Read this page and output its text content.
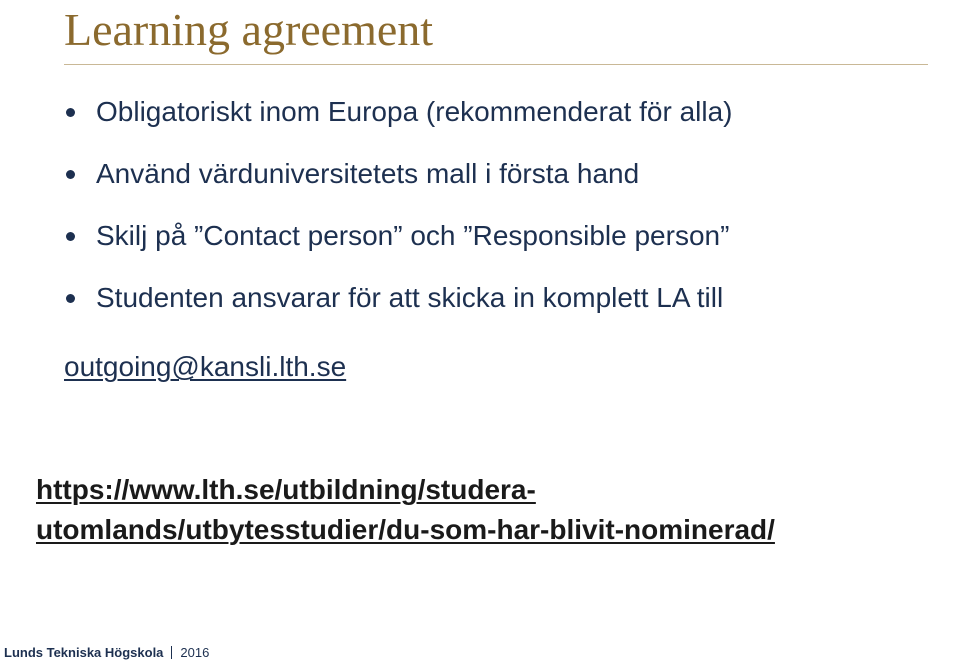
Learning agreement
Obligatoriskt inom Europa (rekommenderat för alla)
Använd värduniversitetets mall i första hand
Skilj på ”Contact person” och ”Responsible person”
Studenten ansvarar för att skicka in komplett LA till
outgoing@kansli.lth.se
https://www.lth.se/utbildning/studera-
utomlands/utbytesstudier/du-som-har-blivit-nominerad/
Lunds Tekniska Högskola 2016
